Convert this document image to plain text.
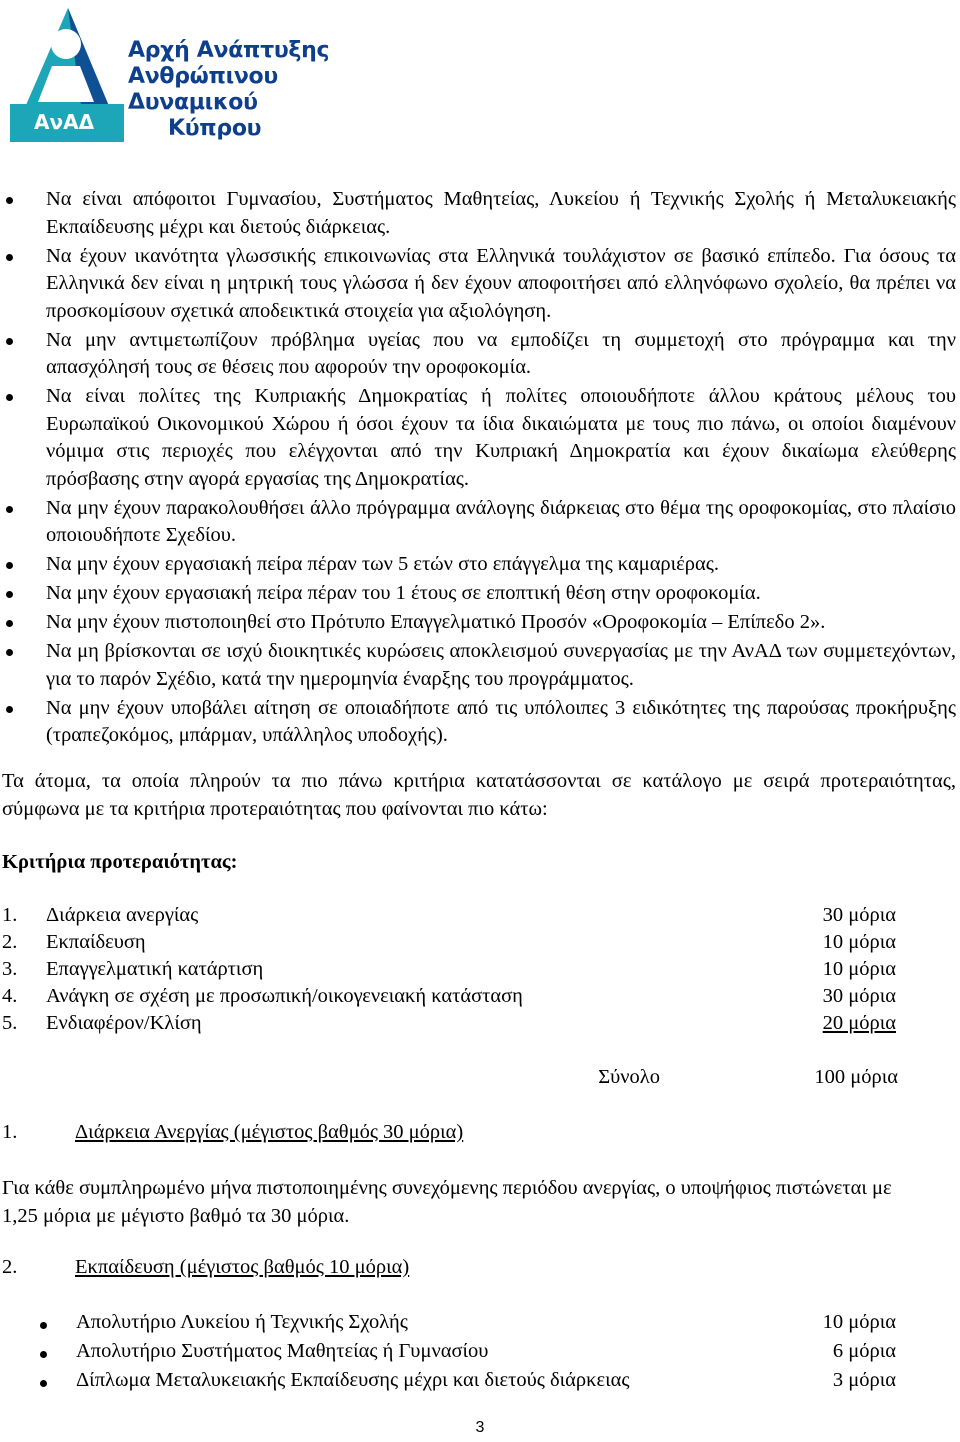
ΑνΑΔ
Αρχή Ανάπτυξης
Ανθρώπινου
Δυναμικού
Κύπρου
Να είναι απόφοιτοι Γυμνασίου, Συστήματος Μαθητείας, Λυκείου ή Τεχνικής Σχολής ή Μεταλυκειακής Εκπαίδευσης μέχρι και διετούς διάρκειας.
Να έχουν ικανότητα γλωσσικής επικοινωνίας στα Ελληνικά τουλάχιστον σε βασικό επίπεδο. Για όσους τα Ελληνικά δεν είναι η μητρική τους γλώσσα ή δεν έχουν αποφοιτήσει από ελληνόφωνο σχολείο, θα πρέπει να προσκομίσουν σχετικά αποδεικτικά στοιχεία για αξιολόγηση.
Να μην αντιμετωπίζουν πρόβλημα υγείας που να εμποδίζει τη συμμετοχή στο πρόγραμμα και την απασχόλησή τους σε θέσεις που αφορούν την οροφοκομία.
Να είναι πολίτες της Κυπριακής Δημοκρατίας ή πολίτες οποιουδήποτε άλλου κράτους μέλους του Ευρωπαϊκού Οικονομικού Χώρου ή όσοι έχουν τα ίδια δικαιώματα με τους πιο πάνω, οι οποίοι διαμένουν νόμιμα στις περιοχές που ελέγχονται από την Κυπριακή Δημοκρατία και έχουν δικαίωμα ελεύθερης πρόσβασης στην αγορά εργασίας της Δημοκρατίας.
Να μην έχουν παρακολουθήσει άλλο πρόγραμμα ανάλογης διάρκειας στο θέμα της οροφοκομίας, στο πλαίσιο οποιουδήποτε Σχεδίου.
Να μην έχουν εργασιακή πείρα πέραν των 5 ετών στο επάγγελμα της καμαριέρας.
Να μην έχουν εργασιακή πείρα πέραν του 1 έτους σε εποπτική θέση στην οροφοκομία.
Να μην έχουν πιστοποιηθεί στο Πρότυπο Επαγγελματικό Προσόν «Οροφοκομία – Επίπεδο 2».
Να μη βρίσκονται σε ισχύ διοικητικές κυρώσεις αποκλεισμού συνεργασίας με την ΑνΑΔ των συμμετεχόντων, για το παρόν Σχέδιο, κατά την ημερομηνία έναρξης του προγράμματος.
Να μην έχουν υποβάλει αίτηση σε οποιαδήποτε από τις υπόλοιπες 3 ειδικότητες της παρούσας προκήρυξης (τραπεζοκόμος, μπάρμαν, υπάλληλος υποδοχής).

Τα άτομα, τα οποία πληρούν τα πιο πάνω κριτήρια κατατάσσονται σε κατάλογο με σειρά προτεραιότητας, σύμφωνα με τα κριτήρια προτεραιότητας που φαίνονται πιο κάτω:

Κριτήρια προτεραιότητας:

1. Διάρκεια ανεργίας	30 μόρια
2. Εκπαίδευση	10 μόρια
3. Επαγγελματική κατάρτιση	10 μόρια
4. Ανάγκη σε σχέση με προσωπική/οικογενειακή κατάσταση	30 μόρια
5. Ενδιαφέρον/Κλίση	20 μόρια
Σύνολο	100 μόρια
1.	Διάρκεια Ανεργίας (μέγιστος βαθμός 30 μόρια)

Για κάθε συμπληρωμένο μήνα πιστοποιημένης συνεχόμενης περιόδου ανεργίας, ο υποψήφιος πιστώνεται με 1,25 μόρια με μέγιστο βαθμό τα 30 μόρια.

2.	Εκπαίδευση (μέγιστος βαθμός 10 μόρια)
Απολυτήριο Λυκείου ή Τεχνικής Σχολής	10 μόρια
Απολυτήριο Συστήματος Μαθητείας ή Γυμνασίου	6 μόρια
Δίπλωμα Μεταλυκειακής Εκπαίδευσης μέχρι και διετούς διάρκειας	3 μόρια
3
